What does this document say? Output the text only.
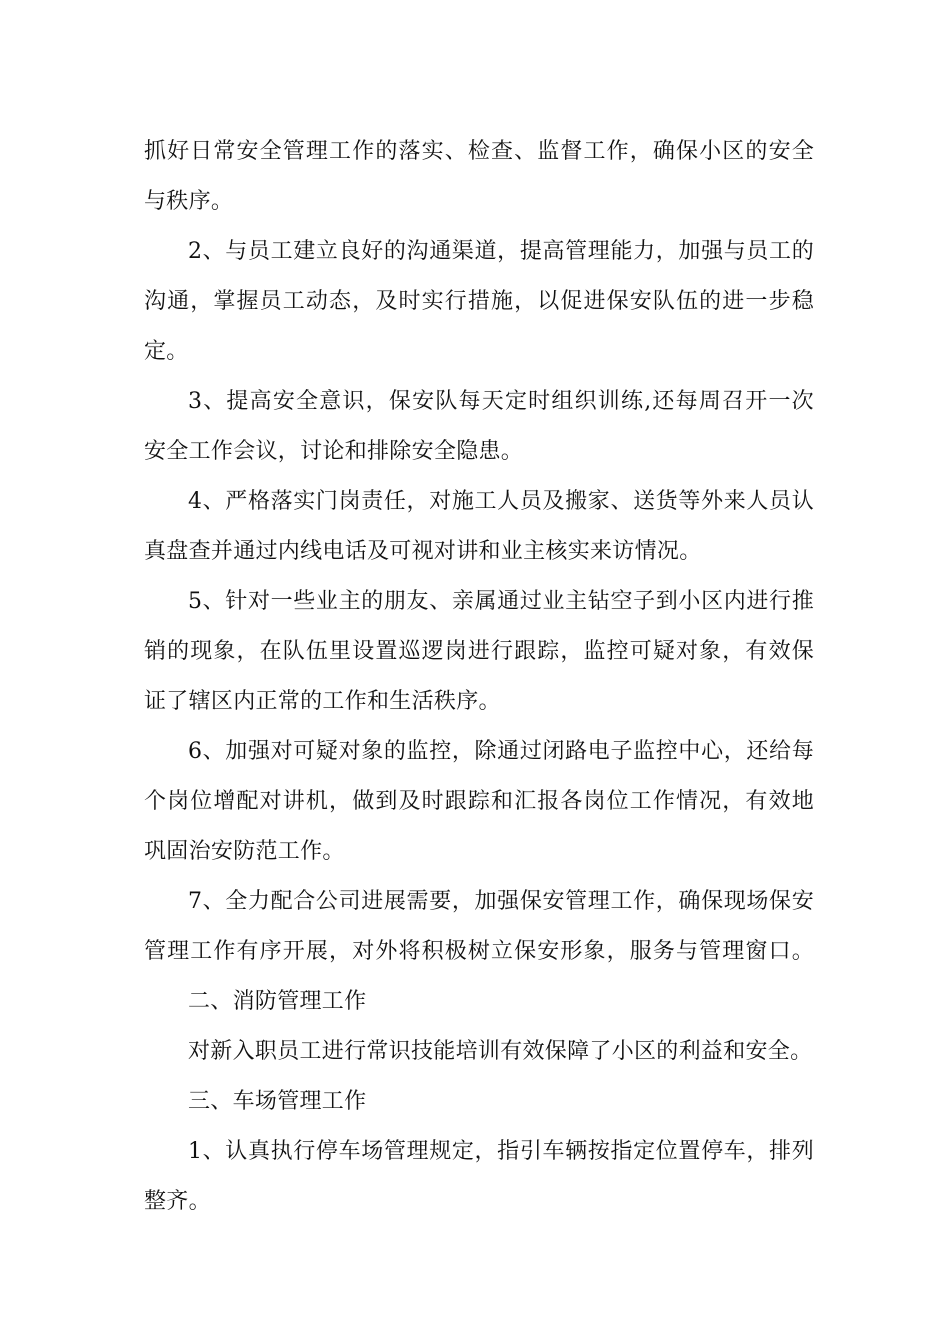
抓好日常安全管理工作的落实、检查、监督工作，确保小区的安全
与秩序。
2、与员工建立良好的沟通渠道，提高管理能力，加强与员工的
沟通，掌握员工动态，及时实行措施，以促进保安队伍的进一步稳
定。
3、提高安全意识，保安队每天定时组织训练,还每周召开一次
安全工作会议，讨论和排除安全隐患。
4、严格落实门岗责任，对施工人员及搬家、送货等外来人员认
真盘查并通过内线电话及可视对讲和业主核实来访情况。
5、针对一些业主的朋友、亲属通过业主钻空子到小区内进行推
销的现象，在队伍里设置巡逻岗进行跟踪，监控可疑对象，有效保
证了辖区内正常的工作和生活秩序。
6、加强对可疑对象的监控，除通过闭路电子监控中心，还给每
个岗位增配对讲机，做到及时跟踪和汇报各岗位工作情况，有效地
巩固治安防范工作。
7、全力配合公司进展需要，加强保安管理工作，确保现场保安
管理工作有序开展，对外将积极树立保安形象，服务与管理窗口。
二、消防管理工作
对新入职员工进行常识技能培训有效保障了小区的利益和安全。
三、车场管理工作
1、认真执行停车场管理规定，指引车辆按指定位置停车，排列
整齐。
